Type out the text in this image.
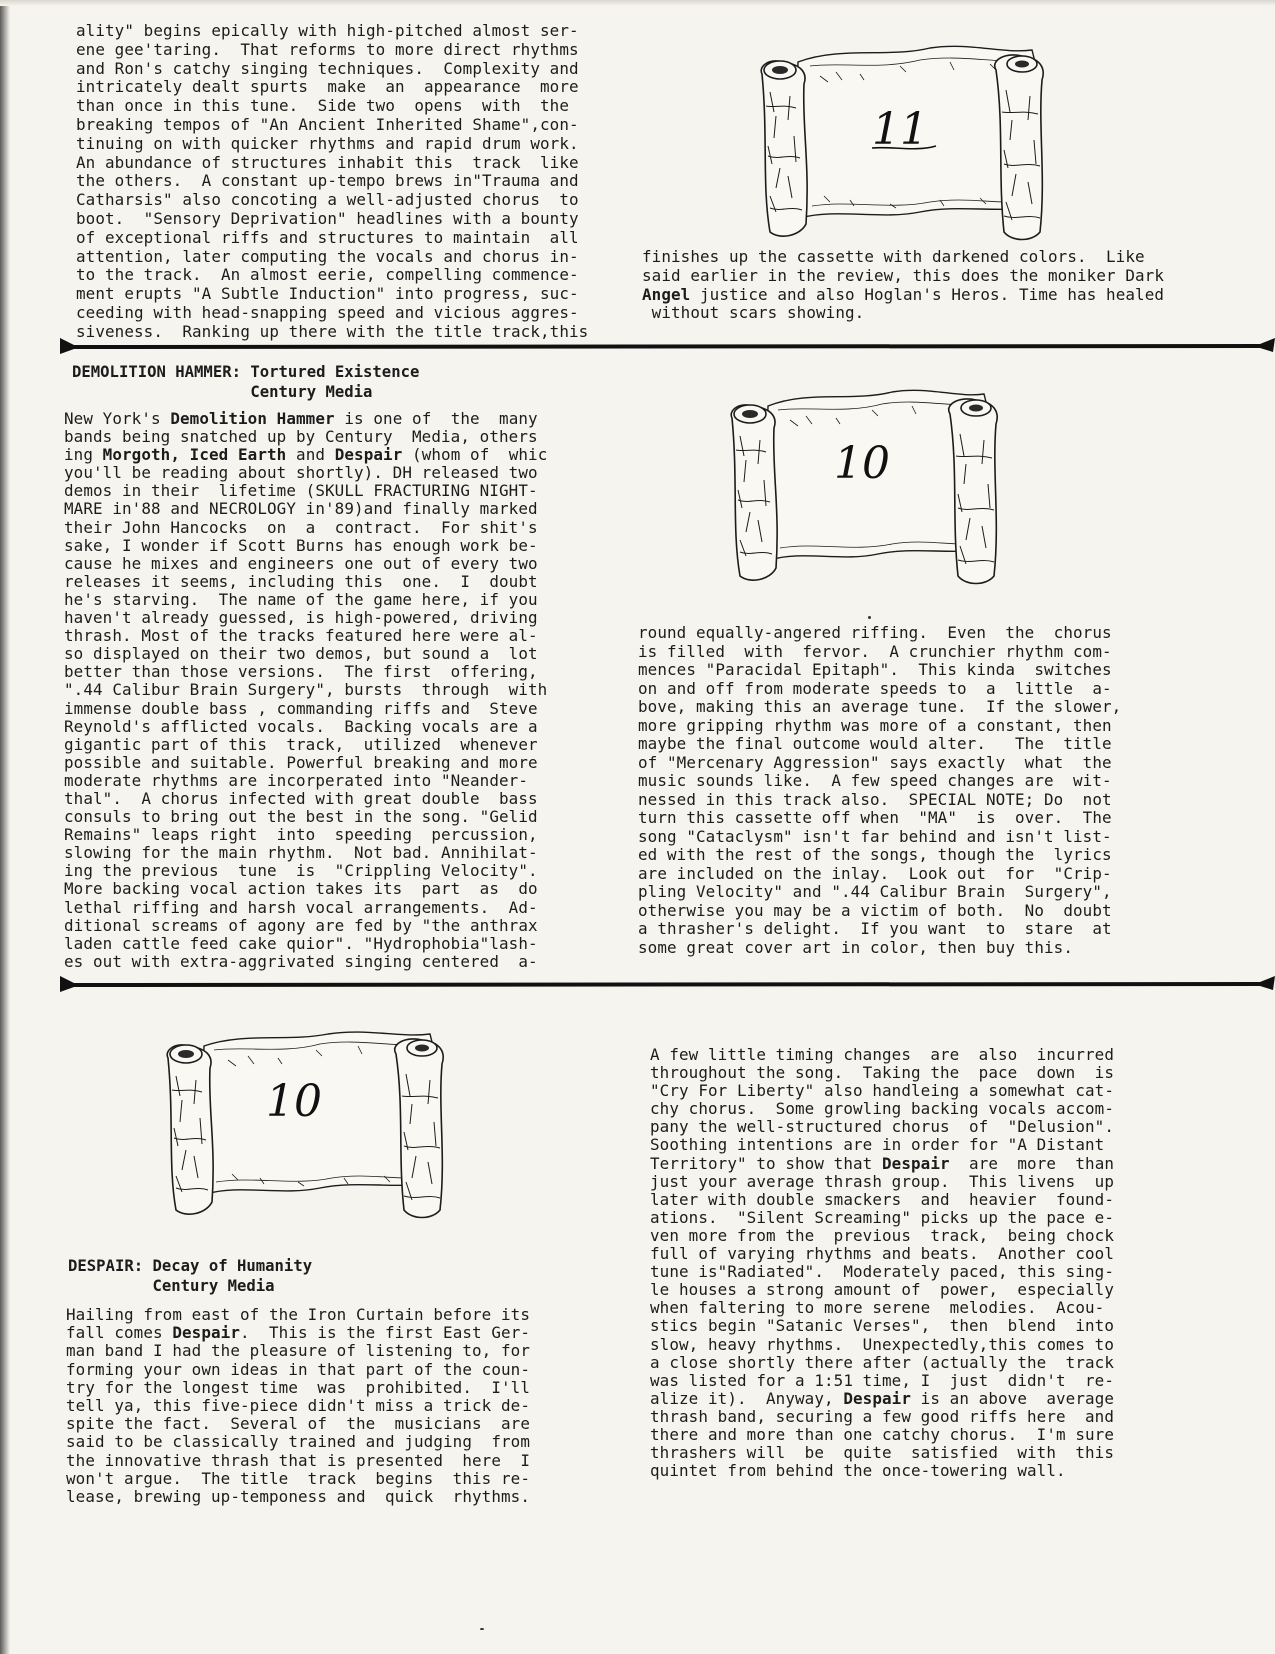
ality" begins epically with high-pitched almost ser-
ene gee'taring.  That reforms to more direct rhythms
and Ron's catchy singing techniques.  Complexity and
intricately dealt spurts  make  an  appearance  more
than once in this tune.  Side two  opens  with  the
breaking tempos of "An Ancient Inherited Shame",con-
tinuing on with quicker rhythms and rapid drum work.
An abundance of structures inhabit this  track  like
the others.  A constant up-tempo brews in"Trauma and
Catharsis" also concoting a well-adjusted chorus  to
boot.  "Sensory Deprivation" headlines with a bounty
of exceptional riffs and structures to maintain  all
attention, later computing the vocals and chorus in-
to the track.  An almost eerie, compelling commence-
ment erupts "A Subtle Induction" into progress, suc-
ceeding with head-snapping speed and vicious aggres-
siveness.  Ranking up there with the title track,this
11
finishes up the cassette with darkened colors.  Like
said earlier in the review, this does the moniker Dark
Angel justice and also Hoglan's Heros. Time has healed
without scars showing.
DEMOLITION HAMMER: Tortured Existence
Century Media
New York's Demolition Hammer is one of  the  many
bands being snatched up by Century  Media, others
ing Morgoth, Iced Earth and Despair (whom of  whic
you'll be reading about shortly). DH released two
demos in their  lifetime (SKULL FRACTURING NIGHT-
MARE in'88 and NECROLOGY in'89)and finally marked
their John Hancocks  on  a  contract.  For shit's
sake, I wonder if Scott Burns has enough work be-
cause he mixes and engineers one out of every two
releases it seems, including this  one.  I  doubt
he's starving.  The name of the game here, if you
haven't already guessed, is high-powered, driving
thrash. Most of the tracks featured here were al-
so displayed on their two demos, but sound a  lot
better than those versions.  The first  offering,
".44 Calibur Brain Surgery", bursts  through  with
immense double bass , commanding riffs and  Steve
Reynold's afflicted vocals.  Backing vocals are a
gigantic part of this  track,  utilized  whenever
possible and suitable. Powerful breaking and more
moderate rhythms are incorperated into "Neander-
thal".  A chorus infected with great double  bass
consuls to bring out the best in the song. "Gelid
Remains" leaps right  into  speeding  percussion,
slowing for the main rhythm.  Not bad. Annihilat-
ing the previous  tune  is  "Crippling Velocity".
More backing vocal action takes its  part  as  do
lethal riffing and harsh vocal arrangements.  Ad-
ditional screams of agony are fed by "the anthrax
laden cattle feed cake quior". "Hydrophobia"lash-
es out with extra-aggrivated singing centered  a-
10
round equally-angered riffing.  Even  the  chorus
is filled  with  fervor.  A crunchier rhythm com-
mences "Paracidal Epitaph".  This kinda  switches
on and off from moderate speeds to  a  little  a-
bove, making this an average tune.  If the slower,
more gripping rhythm was more of a constant, then
maybe the final outcome would alter.   The  title
of "Mercenary Aggression" says exactly  what  the
music sounds like.  A few speed changes are  wit-
nessed in this track also.  SPECIAL NOTE; Do  not
turn this cassette off when  "MA"  is  over.  The
song "Cataclysm" isn't far behind and isn't list-
ed with the rest of the songs, though the  lyrics
are included on the inlay.  Look out  for  "Crip-
pling Velocity" and ".44 Calibur Brain  Surgery",
otherwise you may be a victim of both.  No  doubt
a thrasher's delight.  If you want  to  stare  at
some great cover art in color, then buy this.
10
DESPAIR: Decay of Humanity
Century Media
Hailing from east of the Iron Curtain before its
fall comes Despair.  This is the first East Ger-
man band I had the pleasure of listening to, for
forming your own ideas in that part of the coun-
try for the longest time  was  prohibited.  I'll
tell ya, this five-piece didn't miss a trick de-
spite the fact.  Several of  the  musicians  are
said to be classically trained and judging  from
the innovative thrash that is presented  here  I
won't argue.  The title  track  begins  this re-
lease, brewing up-temponess and  quick  rhythms.
A few little timing changes  are  also  incurred
throughout the song.  Taking the  pace  down  is
"Cry For Liberty" also handleing a somewhat cat-
chy chorus.  Some growling backing vocals accom-
pany the well-structured chorus  of  "Delusion".
Soothing intentions are in order for "A Distant
Territory" to show that Despair  are  more  than
just your average thrash group.  This livens  up
later with double smackers  and  heavier  found-
ations.  "Silent Screaming" picks up the pace e-
ven more from the  previous  track,  being chock
full of varying rhythms and beats.  Another cool
tune is"Radiated".  Moderately paced, this sing-
le houses a strong amount of  power,  especially
when faltering to more serene  melodies.  Acou-
stics begin "Satanic Verses",  then  blend  into
slow, heavy rhythms.  Unexpectedly,this comes to
a close shortly there after (actually the  track
was listed for a 1:51 time, I  just  didn't  re-
alize it).  Anyway, Despair is an above  average
thrash band, securing a few good riffs here  and
there and more than one catchy chorus.  I'm sure
thrashers will  be  quite  satisfied  with  this
quintet from behind the once-towering wall.
